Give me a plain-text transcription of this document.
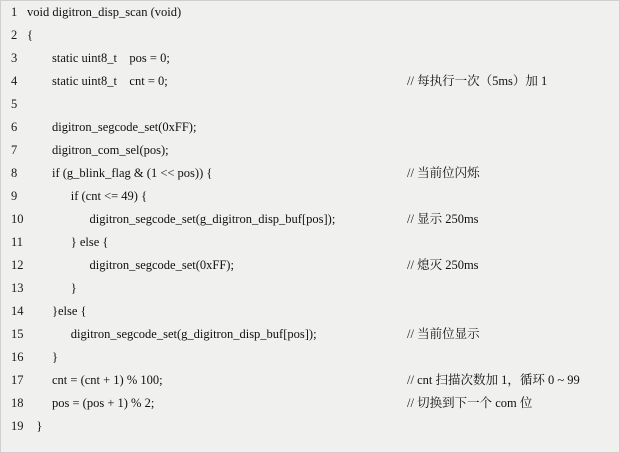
1 void digitron_disp_scan (void)
2 {
3 static uint8_t    pos = 0;
4 static uint8_t    cnt = 0;	// 每执行一次（5ms）加 1
5
6 digitron_segcode_set(0xFF);
7 digitron_com_sel(pos);
8 if (g_blink_flag & (1 << pos)) {	// 当前位闪烁
9 if (cnt <= 49) {
10 digitron_segcode_set(g_digitron_disp_buf[pos]);	// 显示 250ms
11 } else {
12 digitron_segcode_set(0xFF);	// 熄灭 250ms
13 }
14 }else {
15 digitron_segcode_set(g_digitron_disp_buf[pos]);	// 当前位显示
16 }
17 cnt = (cnt + 1) % 100;	// cnt 扫描次数加 1，循环 0 ~ 99
18 pos = (pos + 1) % 2;	// 切换到下一个 com 位
19 }
